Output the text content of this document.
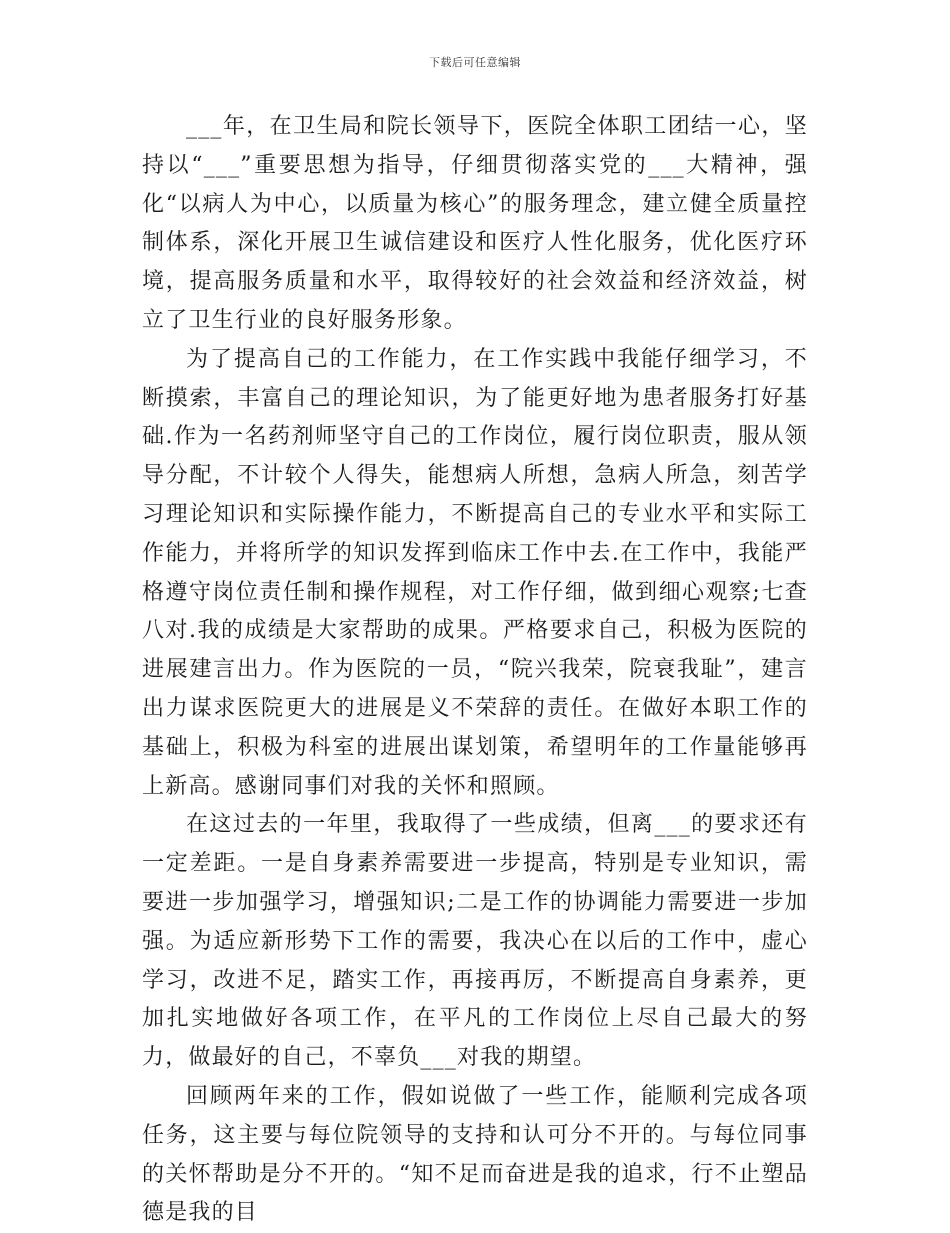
下载后可任意编辑

___年，在卫生局和院长领导下，医院全体职工团结一心，坚持以“___”重要思想为指导，仔细贯彻落实党的___大精神，强化“以病人为中心，以质量为核心”的服务理念，建立健全质量控制体系，深化开展卫生诚信建设和医疗人性化服务，优化医疗环境，提高服务质量和水平，取得较好的社会效益和经济效益，树立了卫生行业的良好服务形象。

为了提高自己的工作能力，在工作实践中我能仔细学习，不断摸索，丰富自己的理论知识，为了能更好地为患者服务打好基础.作为一名药剂师坚守自己的工作岗位，履行岗位职责，服从领导分配，不计较个人得失，能想病人所想，急病人所急，刻苦学习理论知识和实际操作能力，不断提高自己的专业水平和实际工作能力，并将所学的知识发挥到临床工作中去.在工作中，我能严格遵守岗位责任制和操作规程，对工作仔细，做到细心观察;七查八对.我的成绩是大家帮助的成果。严格要求自己，积极为医院的进展建言出力。作为医院的一员，“院兴我荣，院衰我耻”，建言出力谋求医院更大的进展是义不荣辞的责任。在做好本职工作的基础上，积极为科室的进展出谋划策，希望明年的工作量能够再上新高。感谢同事们对我的关怀和照顾。

在这过去的一年里，我取得了一些成绩，但离___的要求还有一定差距。一是自身素养需要进一步提高，特别是专业知识，需要进一步加强学习，增强知识;二是工作的协调能力需要进一步加强。为适应新形势下工作的需要，我决心在以后的工作中，虚心学习，改进不足，踏实工作，再接再厉，不断提高自身素养，更加扎实地做好各项工作，在平凡的工作岗位上尽自己最大的努力，做最好的自己，不辜负___对我的期望。

回顾两年来的工作，假如说做了一些工作，能顺利完成各项任务，这主要与每位院领导的支持和认可分不开的。与每位同事的关怀帮助是分不开的。“知不足而奋进是我的追求，行不止塑品德是我的目
